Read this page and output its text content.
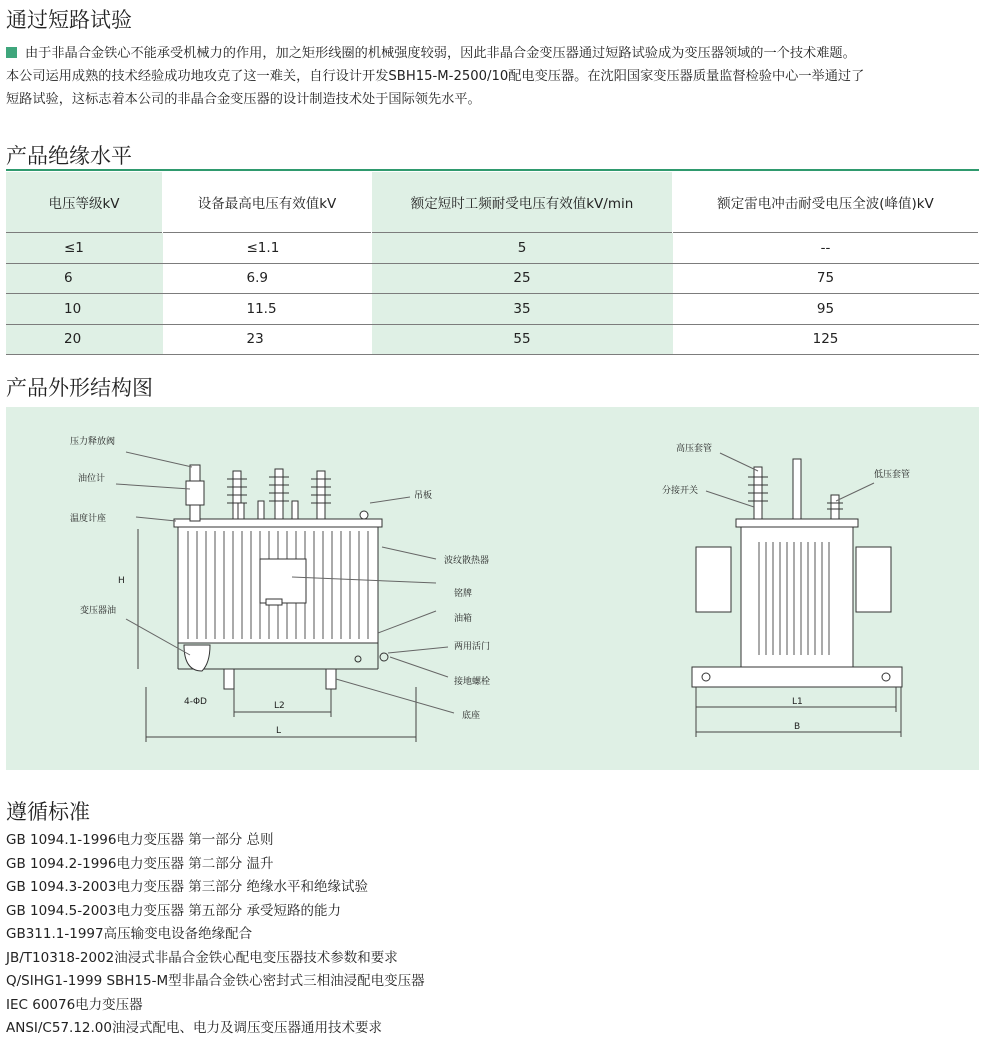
通过短路试验

由于非晶合金铁心不能承受机械力的作用，加之矩形线圈的机械强度较弱，因此非晶合金变压器通过短路试验成为变压器领域的一个技术难题。
本公司运用成熟的技术经验成功地攻克了这一难关，自行设计开发SBH15-M-2500/10配电变压器。在沈阳国家变压器质量监督检验中心一举通过了
短路试验，这标志着本公司的非晶合金变压器的设计制造技术处于国际领先水平。

产品绝缘水平
电压等级kV	设备最高电压有效值kV	额定短时工频耐受电压有效值kV/min	额定雷电冲击耐受电压全波(峰值)kV
≤1	≤1.1	5	--
6	6.9	25	75
10	11.5	35	95
20	23	55	125
产品外形结构图
压力释放阀
油位计
温度计座
吊板
波纹散热器
铭牌
油箱
两用活门
接地螺栓
变压器油
底座
H
L
L2
4-ΦD
高压套管
低压套管
分接开关
L1
B
遵循标准
GB 1094.1-1996电力变压器 第一部分 总则
GB 1094.2-1996电力变压器 第二部分 温升
GB 1094.3-2003电力变压器 第三部分 绝缘水平和绝缘试验
GB 1094.5-2003电力变压器 第五部分 承受短路的能力
GB311.1-1997高压输变电设备绝缘配合
JB/T10318-2002油浸式非晶合金铁心配电变压器技术参数和要求
Q/SIHG1-1999 SBH15-M型非晶合金铁心密封式三相油浸配电变压器
IEC 60076电力变压器
ANSI/C57.12.00油浸式配电、电力及调压变压器通用技术要求
